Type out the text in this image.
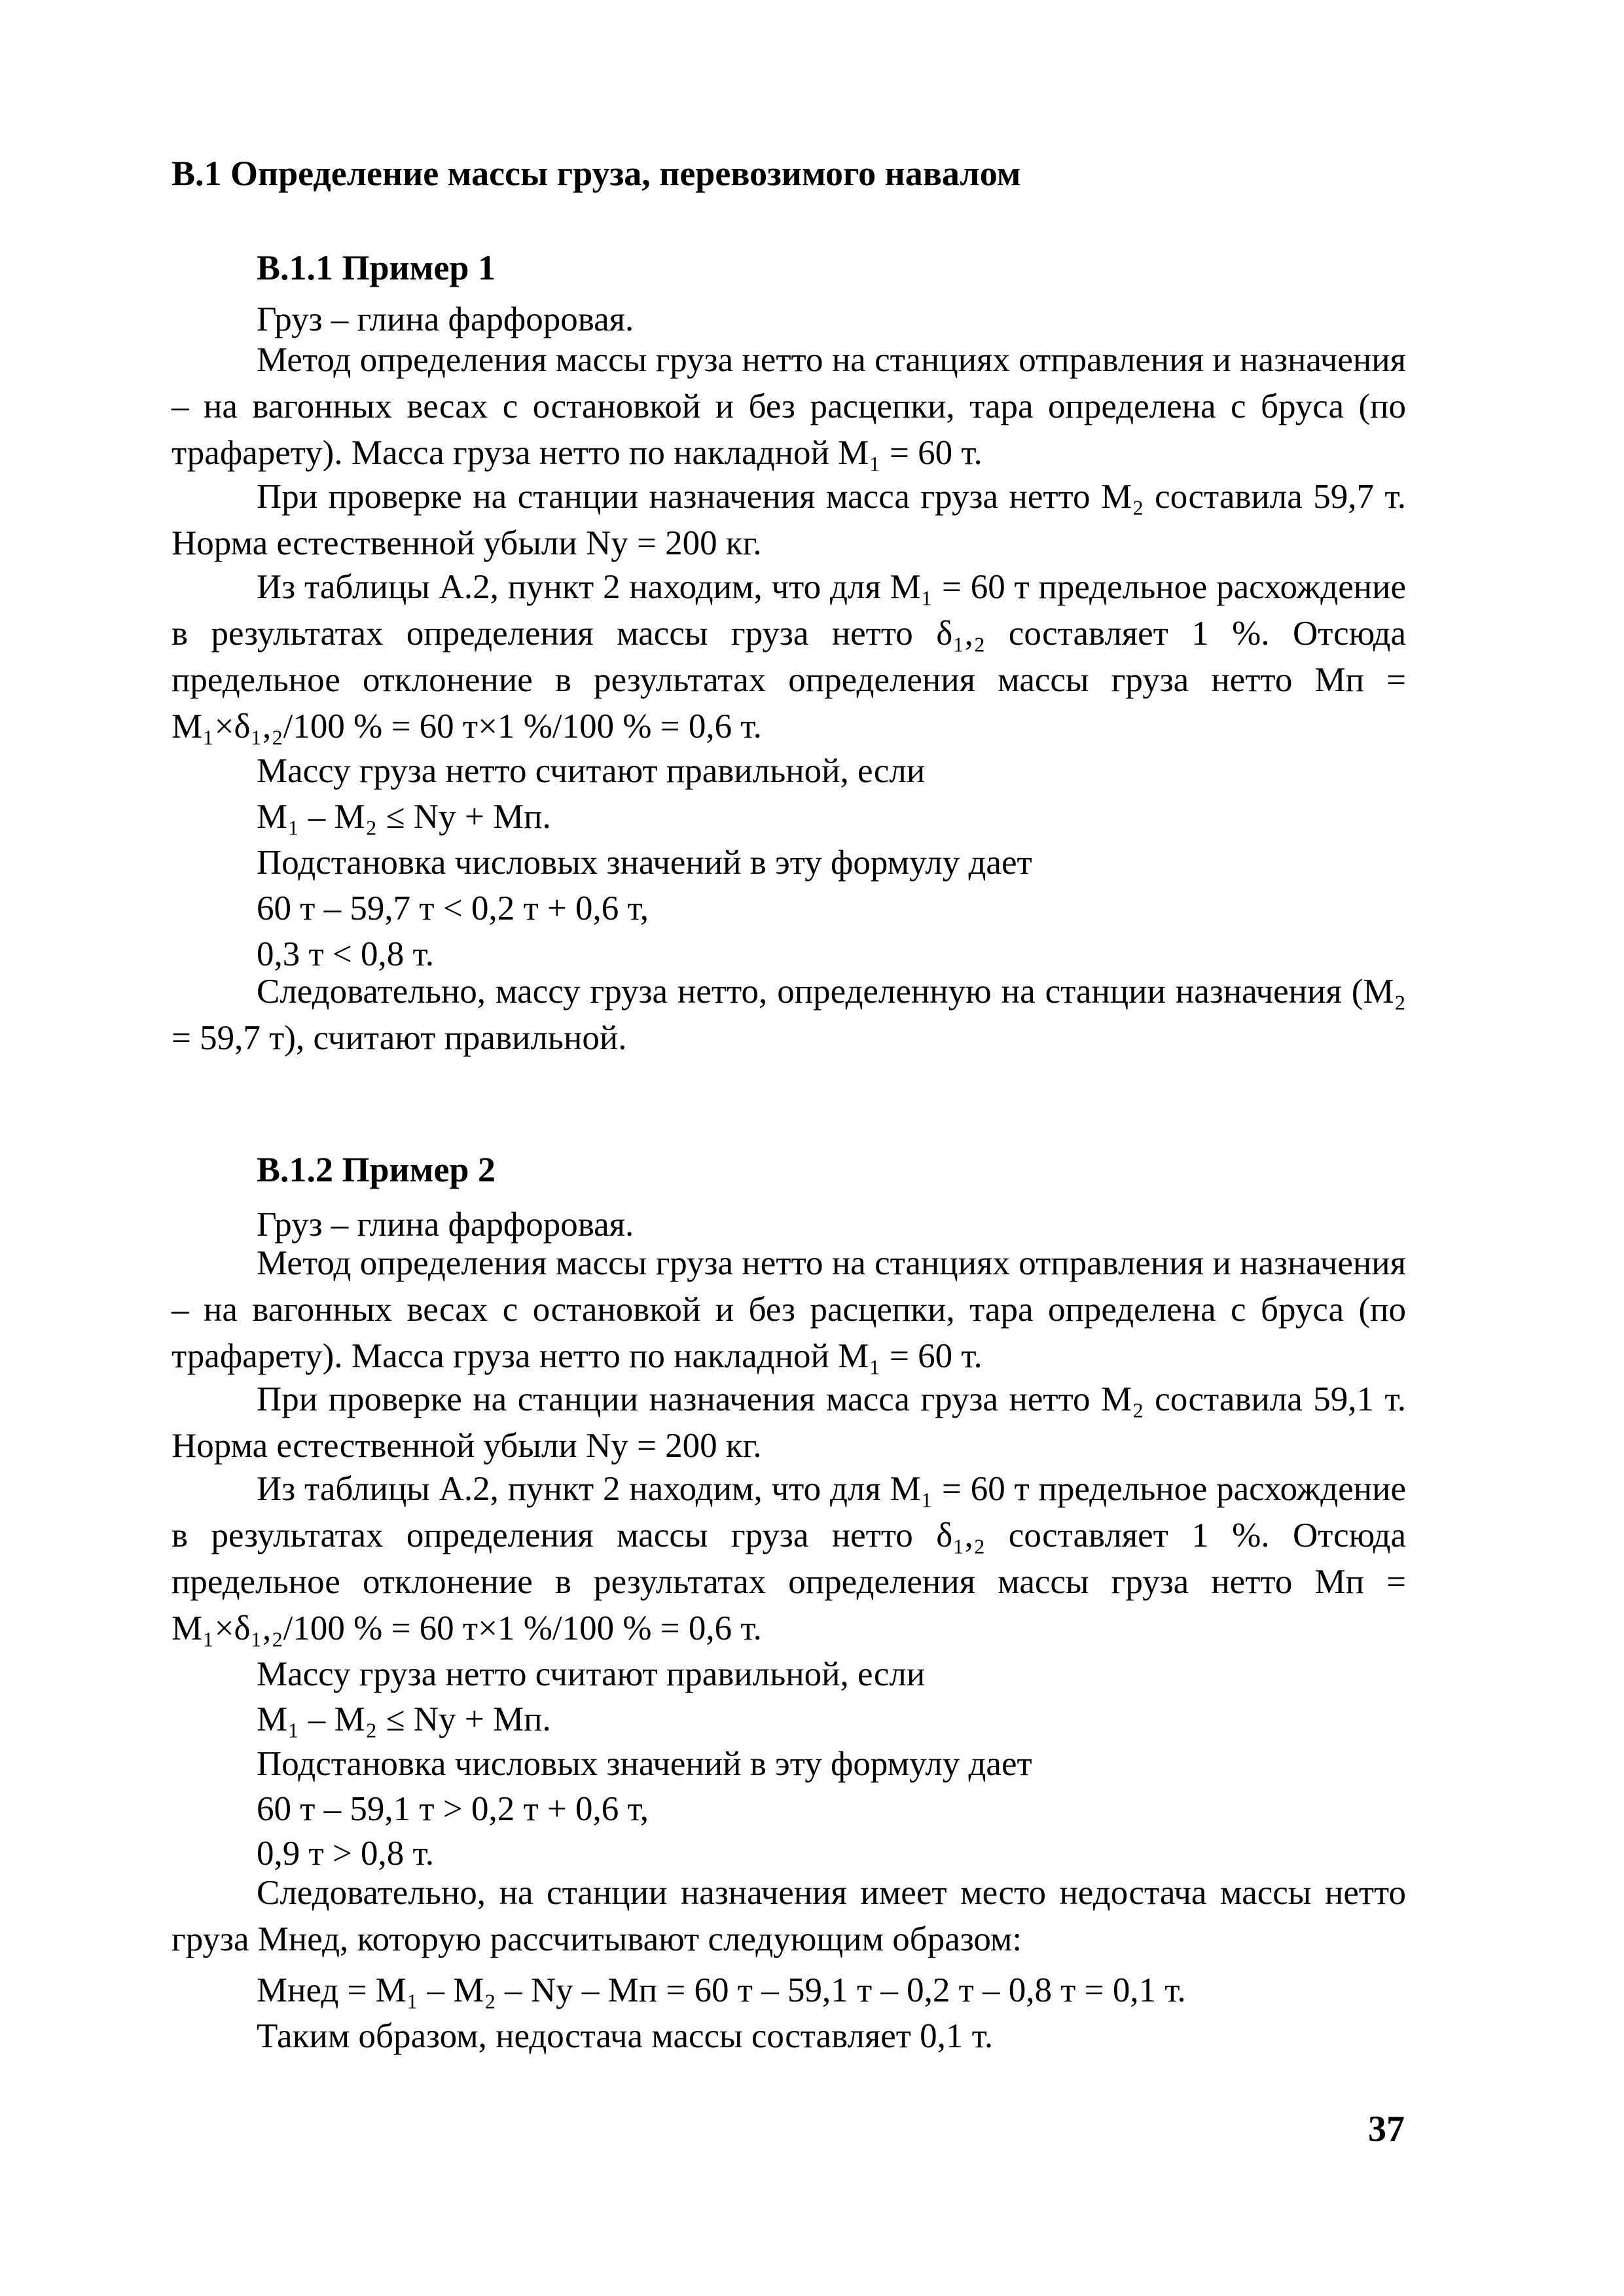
В.1 Определение массы груза, перевозимого навалом
В.1.1 Пример 1

Груз – глина фарфоровая.

Метод определения массы груза нетто на станциях отправления и назначения – на вагонных весах с остановкой и без расцепки, тара определена с бруса (по трафарету). Масса груза нетто по накладной М₁ = 60 т.

При проверке на станции назначения масса груза нетто М₂ составила 59,7 т. Норма естественной убыли Nу = 200 кг.

Из таблицы А.2, пункт 2 находим, что для М₁ = 60 т предельное расхождение в результатах определения массы груза нетто δ₁,₂ составляет 1 %. Отсюда предельное отклонение в результатах определения массы груза нетто Мп = М₁×δ₁,₂/100 % = 60 т×1 %/100 % = 0,6 т.

Массу груза нетто считают правильной, если

М₁ – М₂ ≤ Nу + Мп.

Подстановка числовых значений в эту формулу дает

60 т – 59,7 т < 0,2 т + 0,6 т,

0,3 т < 0,8 т.

Следовательно, массу груза нетто, определенную на станции назначения (М₂ = 59,7 т), считают правильной.

В.1.2 Пример 2

Груз – глина фарфоровая.

Метод определения массы груза нетто на станциях отправления и назначения – на вагонных весах с остановкой и без расцепки, тара определена с бруса (по трафарету). Масса груза нетто по накладной М₁ = 60 т.

При проверке на станции назначения масса груза нетто М₂ составила 59,1 т. Норма естественной убыли Nу = 200 кг.

Из таблицы А.2, пункт 2 находим, что для М₁ = 60 т предельное расхождение в результатах определения массы груза нетто δ₁,₂ составляет 1 %. Отсюда предельное отклонение в результатах определения массы груза нетто Мп = М₁×δ₁,₂/100 % = 60 т×1 %/100 % = 0,6 т.

Массу груза нетто считают правильной, если

М₁ – М₂ ≤ Nу + Мп.

Подстановка числовых значений в эту формулу дает

60 т – 59,1 т > 0,2 т + 0,6 т,

0,9 т > 0,8 т.

Следовательно, на станции назначения имеет место недостача массы нетто груза Мнед, которую рассчитывают следующим образом:

Мнед = М₁ – М₂ – Nу – Мп = 60 т – 59,1 т – 0,2 т – 0,8 т = 0,1 т.

Таким образом, недостача массы составляет 0,1 т.

37
